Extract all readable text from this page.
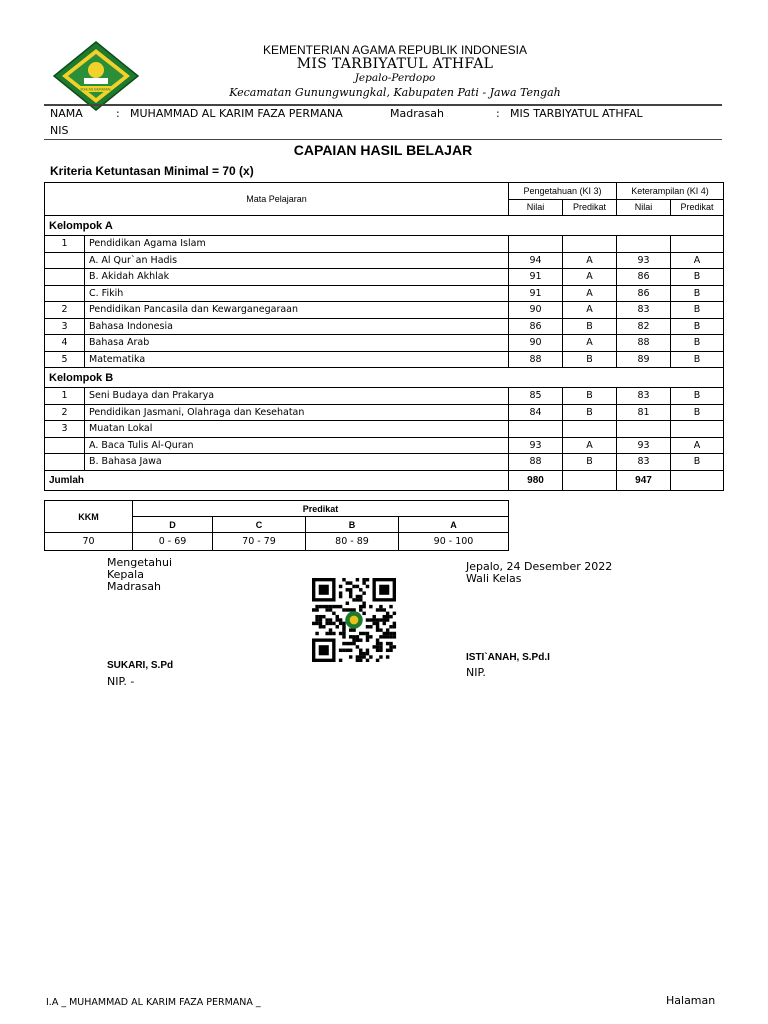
IKHLAS BERAMAL
KEMENTERIAN AGAMA REPUBLIK INDONESIA
MIS TARBIYATUL ATHFAL
Jepalo-Perdopo
Kecamatan Gunungwungkal, Kabupaten Pati - Jawa Tengah
NAMA	: MUHAMMAD AL KARIM FAZA PERMANA	Madrasah	: MIS TARBIYATUL ATHFAL
NIS
CAPAIAN HASIL BELAJAR
Kriteria Ketuntasan Minimal = 70 (x)
Mata Pelajaran		Pengetahuan (KI 3)		Keterampilan (KI 4)	
		Nilai	Predikat	Nilai	Predikat
Kelompok A					
1	Pendidikan Agama Islam				
	A. Al Qur`an Hadis	94	A	93	A
	B. Akidah Akhlak	91	A	86	B
	C. Fikih	91	A	86	B
2	Pendidikan Pancasila dan Kewarganegaraan	90	A	83	B
3	Bahasa Indonesia	86	B	82	B
4	Bahasa Arab	90	A	88	B
5	Matematika	88	B	89	B
Kelompok B					
1	Seni Budaya dan Prakarya	85	B	83	B
2	Pendidikan Jasmani, Olahraga dan Kesehatan	84	B	81	B
3	Muatan Lokal				
	A. Baca Tulis Al-Quran	93	A	93	A
	B. Bahasa Jawa	88	B	83	B
Jumlah		980		947	
KKM	Predikat			
	D	C	B	A
70	0 - 69	70 - 79	80 - 89	90 - 100
Mengetahui
Kepala
Madrasah
SUKARI, S.Pd
NIP. -
Jepalo, 24 Desember 2022
Wali Kelas
ISTI`ANAH, S.Pd.I
NIP.
I.A _ MUHAMMAD AL KARIM FAZA PERMANA _	Halaman
